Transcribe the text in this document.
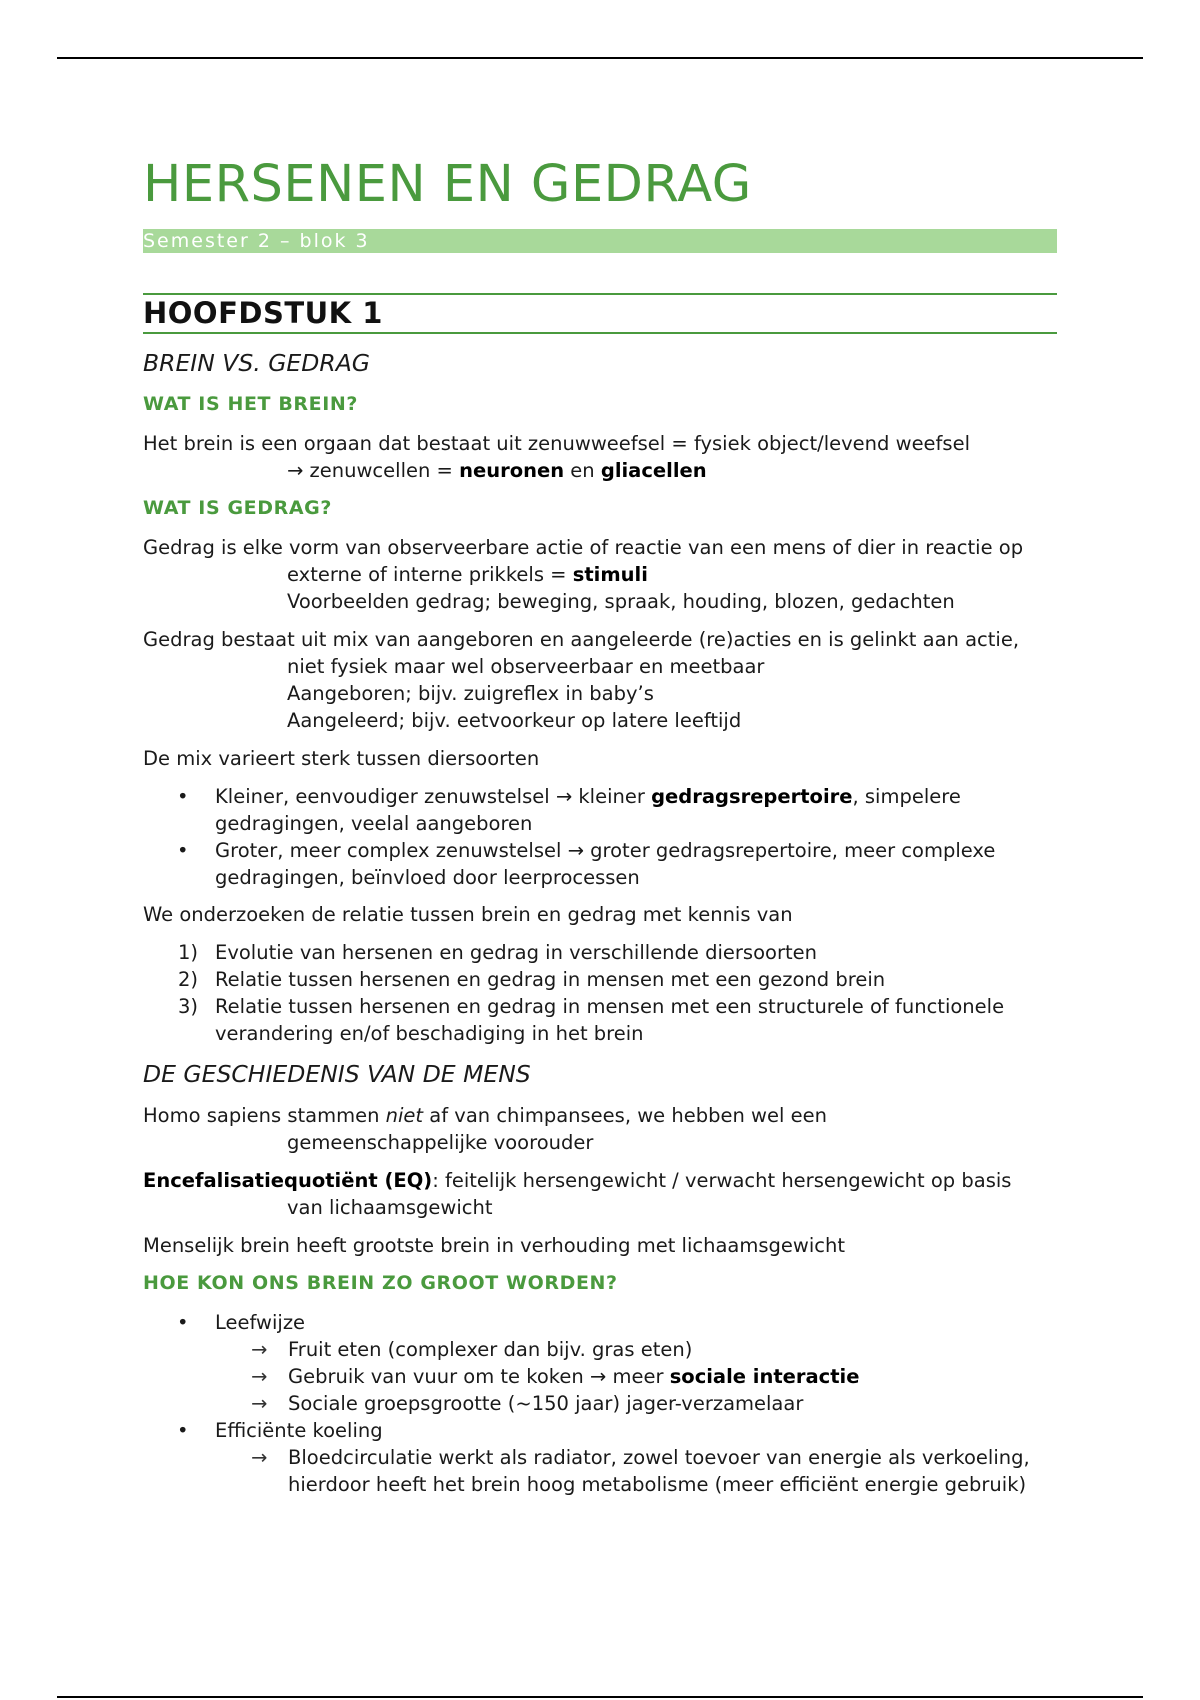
HERSENEN EN GEDRAG
Semester 2 – blok 3
HOOFDSTUK 1
BREIN VS. GEDRAG
WAT IS HET BREIN?

Het brein is een orgaan dat bestaat uit zenuwweefsel = fysiek object/levend weefsel
→ zenuwcellen = neuronen en gliacellen

WAT IS GEDRAG?

Gedrag is elke vorm van observeerbare actie of reactie van een mens of dier in reactie op
externe of interne prikkels = stimuli
Voorbeelden gedrag; beweging, spraak, houding, blozen, gedachten

Gedrag bestaat uit mix van aangeboren en aangeleerde (re)acties en is gelinkt aan actie,
niet fysiek maar wel observeerbaar en meetbaar
Aangeboren; bijv. zuigreflex in baby’s
Aangeleerd; bijv. eetvoorkeur op latere leeftijd

De mix varieert sterk tussen diersoorten

• Kleiner, eenvoudiger zenuwstelsel → kleiner gedragsrepertoire, simpelere gedragingen, veelal aangeboren
• Groter, meer complex zenuwstelsel → groter gedragsrepertoire, meer complexe gedragingen, beïnvloed door leerprocessen

We onderzoeken de relatie tussen brein en gedrag met kennis van

1) Evolutie van hersenen en gedrag in verschillende diersoorten
2) Relatie tussen hersenen en gedrag in mensen met een gezond brein
3) Relatie tussen hersenen en gedrag in mensen met een structurele of functionele verandering en/of beschadiging in het brein
DE GESCHIEDENIS VAN DE MENS

Homo sapiens stammen niet af van chimpansees, we hebben wel een
gemeenschappelijke voorouder

Encefalisatiequotiënt (EQ): feitelijk hersengewicht / verwacht hersengewicht op basis
van lichaamsgewicht

Menselijk brein heeft grootste brein in verhouding met lichaamsgewicht

HOE KON ONS BREIN ZO GROOT WORDEN?
• Leefwijze
→ Fruit eten (complexer dan bijv. gras eten)
→ Gebruik van vuur om te koken → meer sociale interactie
→ Sociale groepsgrootte (~150 jaar) jager-verzamelaar
• Efficiënte koeling
→ Bloedcirculatie werkt als radiator, zowel toevoer van energie als verkoeling, hierdoor heeft het brein hoog metabolisme (meer efficiënt energie gebruik)
